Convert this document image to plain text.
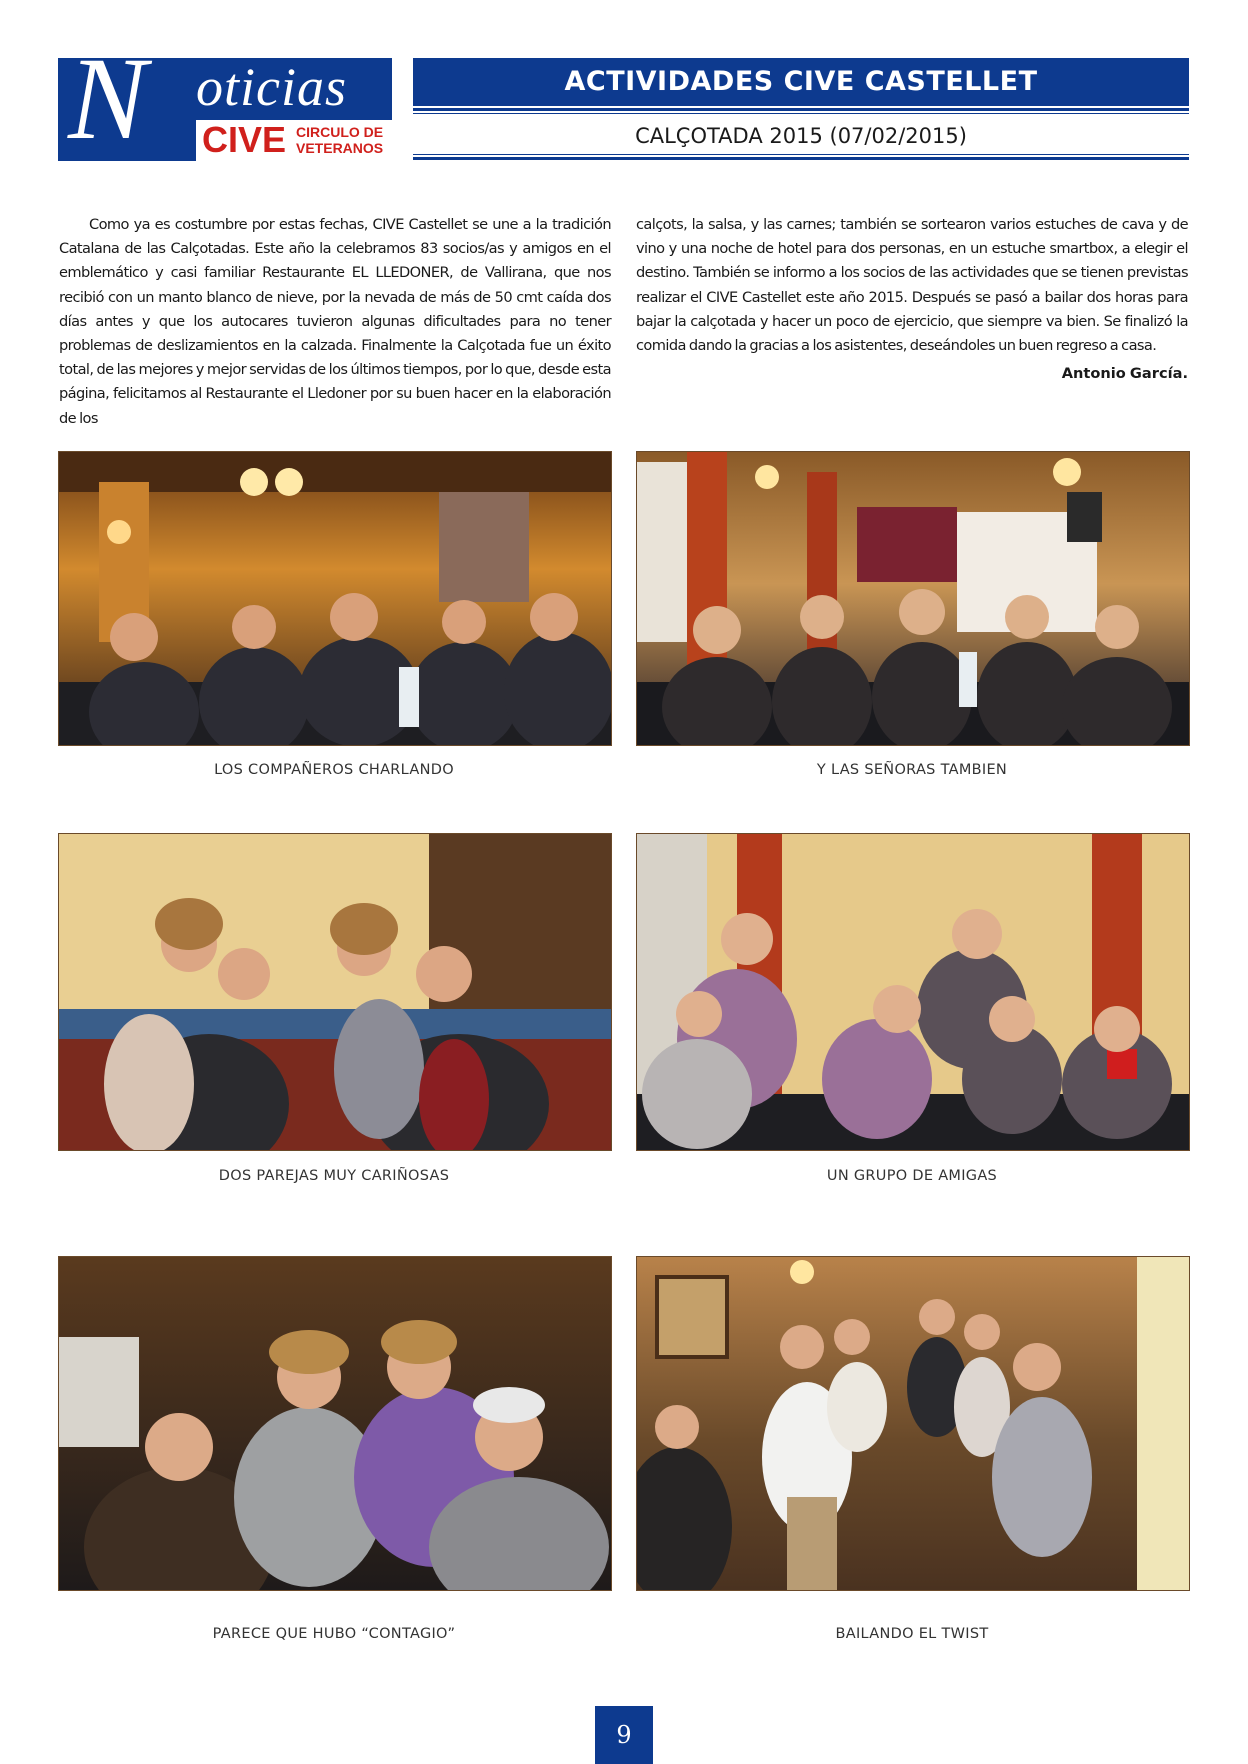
N oticias
CIVE CIRCULO DE
VETERANOS
ACTIVIDADES CIVE CASTELLET
CALÇOTADA 2015 (07/02/2015)

Como ya es costumbre por estas fechas, CIVE Castellet se une a la tradición Catalana de las Calçotadas. Este año la celebramos 83 socios/as y amigos en el emblemático y casi familiar Restaurante EL LLEDONER, de Vallirana, que nos recibió con un manto blanco de nieve, por la nevada de más de 50 cmt caída dos días antes y que los autocares tuvieron algunas dificultades para no tener problemas de deslizamientos en la calzada. Finalmente la Calçotada fue un éxito total, de las mejores y mejor servidas de los últimos tiempos, por lo que, desde esta página, felicitamos al Restaurante el Lledoner por su buen hacer en la elaboración de los

calçots, la salsa, y las carnes; también se sortearon varios estuches de cava y de vino y una noche de hotel para dos personas, en un estuche smartbox, a elegir el destino. También se informo a los socios de las actividades que se tienen previstas realizar el CIVE Castellet este año 2015. Después se pasó a bailar dos horas para bajar la calçotada y hacer un poco de ejercicio, que siempre va bien. Se finalizó la comida dando la gracias a los asistentes, deseándoles un buen regreso a casa.

Antonio García.

LOS COMPAÑEROS CHARLANDO	Y LAS SEÑORAS TAMBIEN
DOS PAREJAS MUY CARIÑOSAS	UN GRUPO DE AMIGAS
PARECE QUE HUBO “CONTAGIO”	BAILANDO EL TWIST
9
